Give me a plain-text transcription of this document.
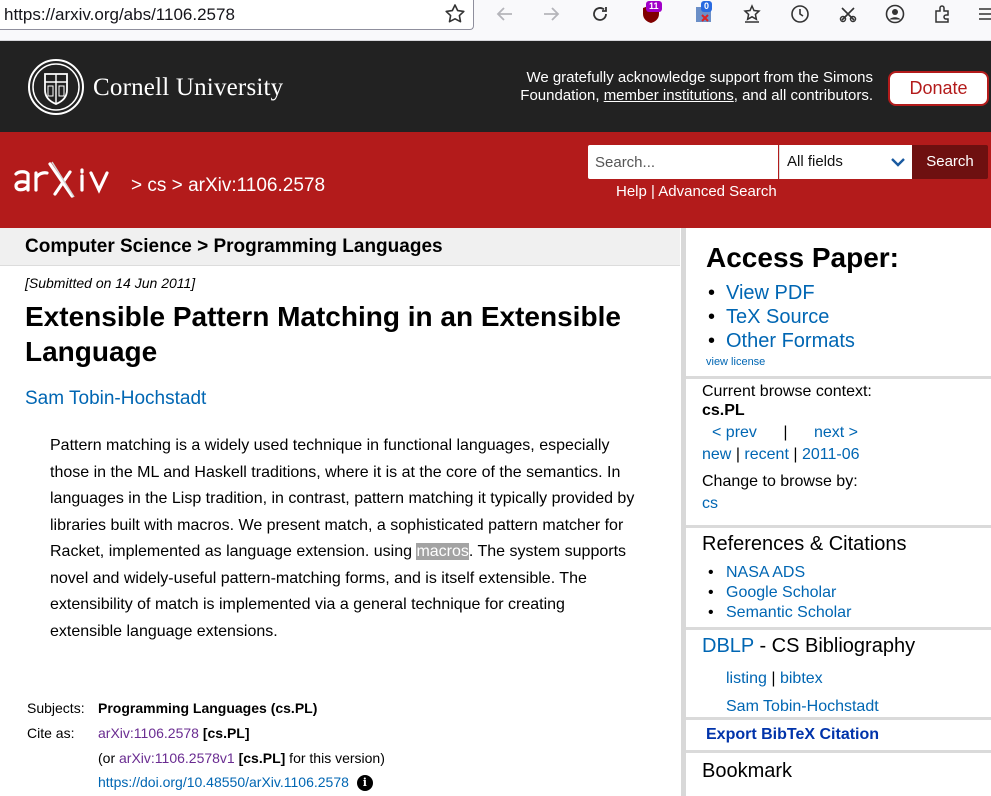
https://arxiv.org/abs/1106.2578	11	0
Cornell University	We gratefully acknowledge support from the Simons Foundation, member institutions, and all contributors.	Donate
> cs > arXiv:1106.2578
Search...
All fields	Search
Help | Advanced Search
Computer Science > Programming Languages
[Submitted on 14 Jun 2011]
Extensible Pattern Matching in an Extensible Language
Sam Tobin-Hochstadt
Pattern matching is a widely used technique in functional languages, especially those in the ML and Haskell traditions, where it is at the core of the semantics. In languages in the Lisp tradition, in contrast, pattern matching it typically provided by libraries built with macros. We present match, a sophisticated pattern matcher for Racket, implemented as language extension. using macros. The system supports novel and widely-useful pattern-matching forms, and is itself extensible. The extensibility of match is implemented via a general technique for creating extensible language extensions.
Subjects: Programming Languages (cs.PL)
Cite as:	arXiv:1106.2578 [cs.PL]
(or arXiv:1106.2578v1 [cs.PL] for this version)
https://doi.org/10.48550/arXiv.1106.2578 i
Access Paper:
• View PDF
• TeX Source
• Other Formats
view license
Current browse context:
cs.PL
< prev | next >
new | recent | 2011-06
Change to browse by:
cs
References & Citations
• NASA ADS
• Google Scholar
• Semantic Scholar
DBLP - CS Bibliography
listing | bibtex
Sam Tobin-Hochstadt
Export BibTeX Citation
Bookmark
